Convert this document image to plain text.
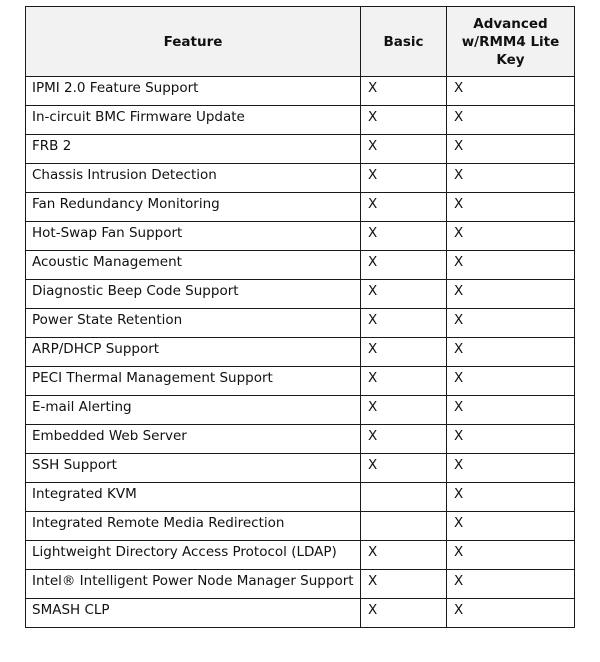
Feature	Basic	Advanced
w/RMM4 Lite
Key

IPMI 2.0 Feature Support	X	X
In-circuit BMC Firmware Update	X	X
FRB 2	X	X
Chassis Intrusion Detection	X	X
Fan Redundancy Monitoring	X	X
Hot-Swap Fan Support	X	X
Acoustic Management	X	X
Diagnostic Beep Code Support	X	X
Power State Retention	X	X
ARP/DHCP Support	X	X
PECI Thermal Management Support	X	X
E-mail Alerting	X	X
Embedded Web Server	X	X
SSH Support	X	X
Integrated KVM		X
Integrated Remote Media Redirection		X
Lightweight Directory Access Protocol (LDAP)	X	X
Intel® Intelligent Power Node Manager Support	X	X
SMASH CLP	X	X
